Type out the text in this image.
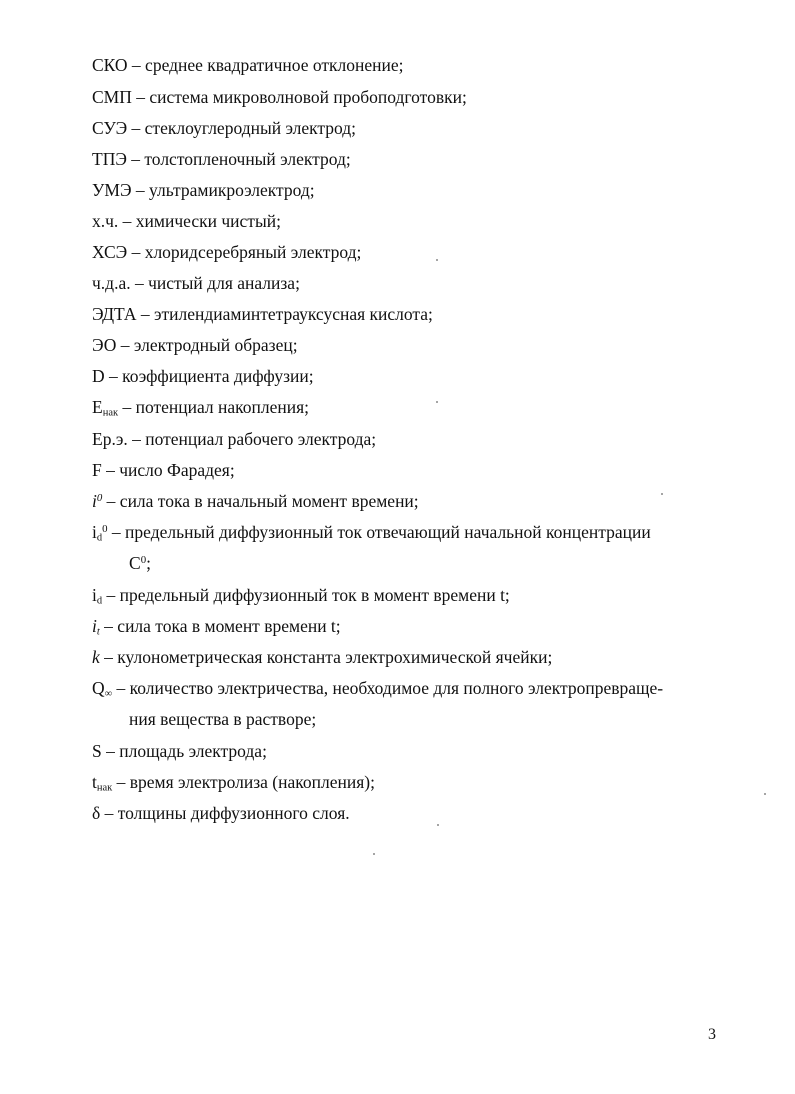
СКО – среднее квадратичное отклонение;
СМП – система микроволновой пробоподготовки;
СУЭ – стеклоуглеродный электрод;
ТПЭ – толстопленочный электрод;
УМЭ – ультрамикроэлектрод;
х.ч. – химически чистый;
ХСЭ – хлоридсеребряный электрод;
ч.д.а. – чистый для анализа;
ЭДТА – этилендиаминтетрауксусная кислота;
ЭО – электродный образец;
D – коэффициента диффузии;
$E_{нак}$ – потенциал накопления;
Ер.э. – потенциал рабочего электрода;
F – число Фарадея;
$i^0$ – сила тока в начальный момент времени;
$i_d^0$ – предельный диффузионный ток отвечающий начальной концентрации
$C^0$;
$i_d$ – предельный диффузионный ток в момент времени t;
$i_t$ – сила тока в момент времени t;
k – кулонометрическая константа электрохимической ячейки;
$Q_\infty$ – количество электричества, необходимое для полного электропревраще-
ния вещества в растворе;
S – площадь электрода;
$t_{нак}$ – время электролиза (накопления);
δ – толщины диффузионного слоя.
3
